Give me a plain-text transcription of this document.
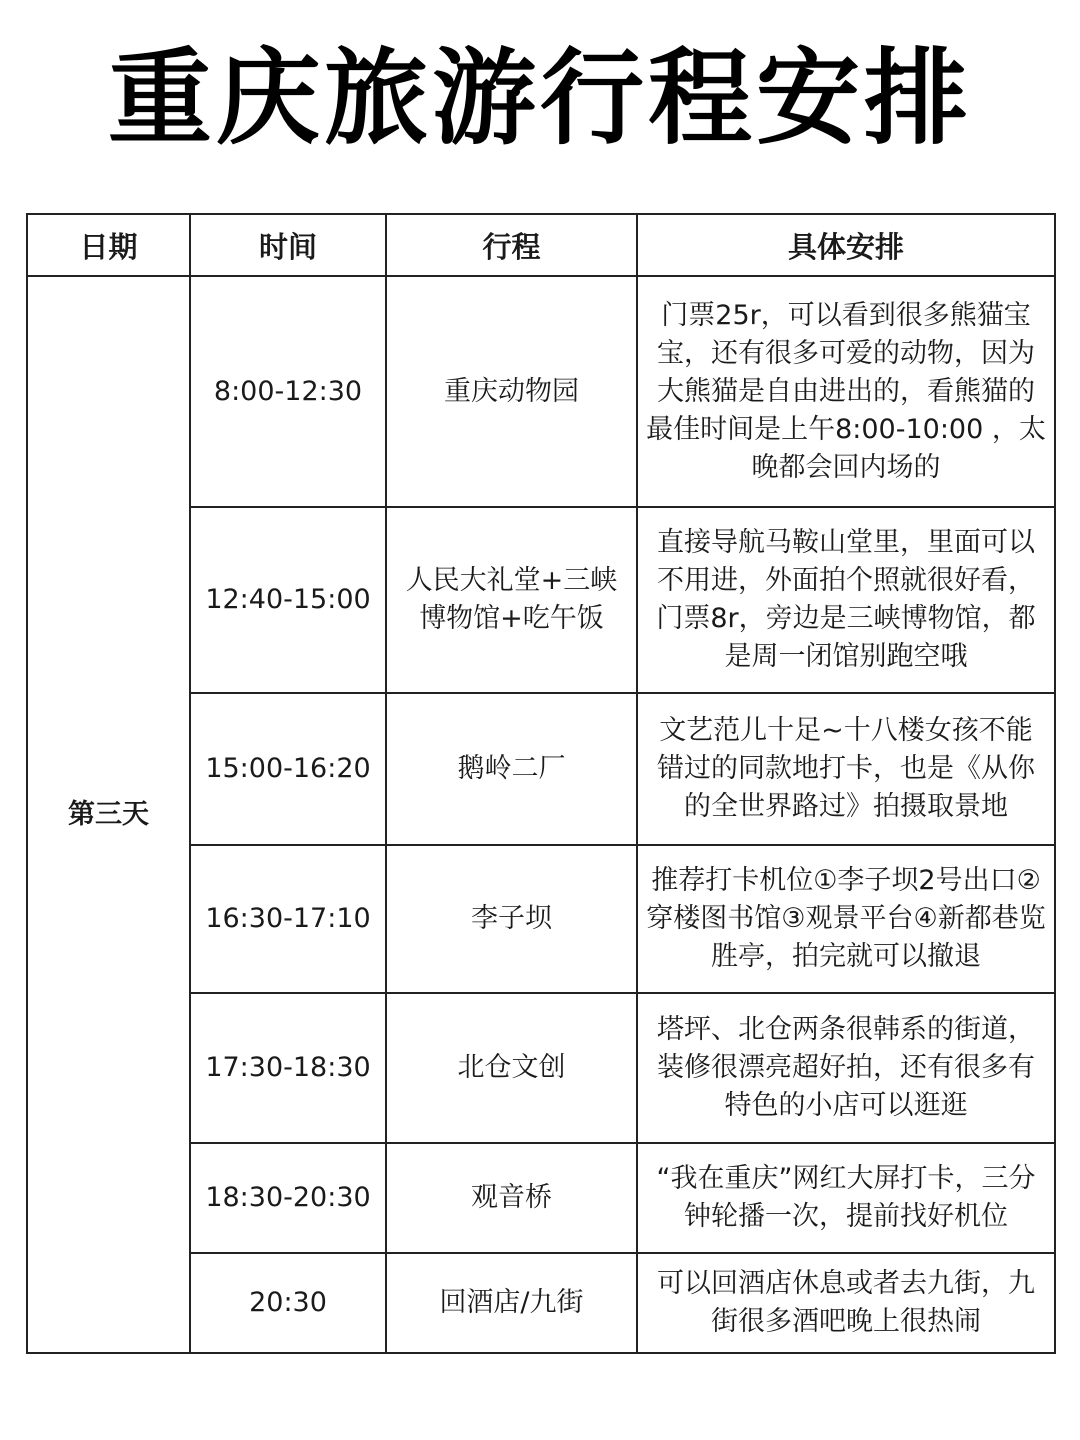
重庆旅游行程安排
日期	时间	行程	具体安排
第三天	8:00-12:30	重庆动物园	门票25r，可以看到很多熊猫宝宝，还有很多可爱的动物，因为大熊猫是自由进出的，看熊猫的最佳时间是上午8:00-10:00 ，太晚都会回内场的
	12:40-15:00	人民大礼堂+三峡博物馆+吃午饭	直接导航马鞍山堂里，里面可以不用进，外面拍个照就很好看，门票8r，旁边是三峡博物馆，都是周一闭馆别跑空哦
	15:00-16:20	鹅岭二厂	文艺范儿十足~十八楼女孩不能错过的同款地打卡，也是《从你的全世界路过》拍摄取景地
	16:30-17:10	李子坝	推荐打卡机位①李子坝2号出口②穿楼图书馆③观景平台④新都巷览胜亭，拍完就可以撤退
	17:30-18:30	北仓文创	塔坪、北仓两条很韩系的街道，装修很漂亮超好拍，还有很多有特色的小店可以逛逛
	18:30-20:30	观音桥	“我在重庆”网红大屏打卡，三分钟轮播一次，提前找好机位
	20:30	回酒店/九街	可以回酒店休息或者去九街，九街很多酒吧晚上很热闹
